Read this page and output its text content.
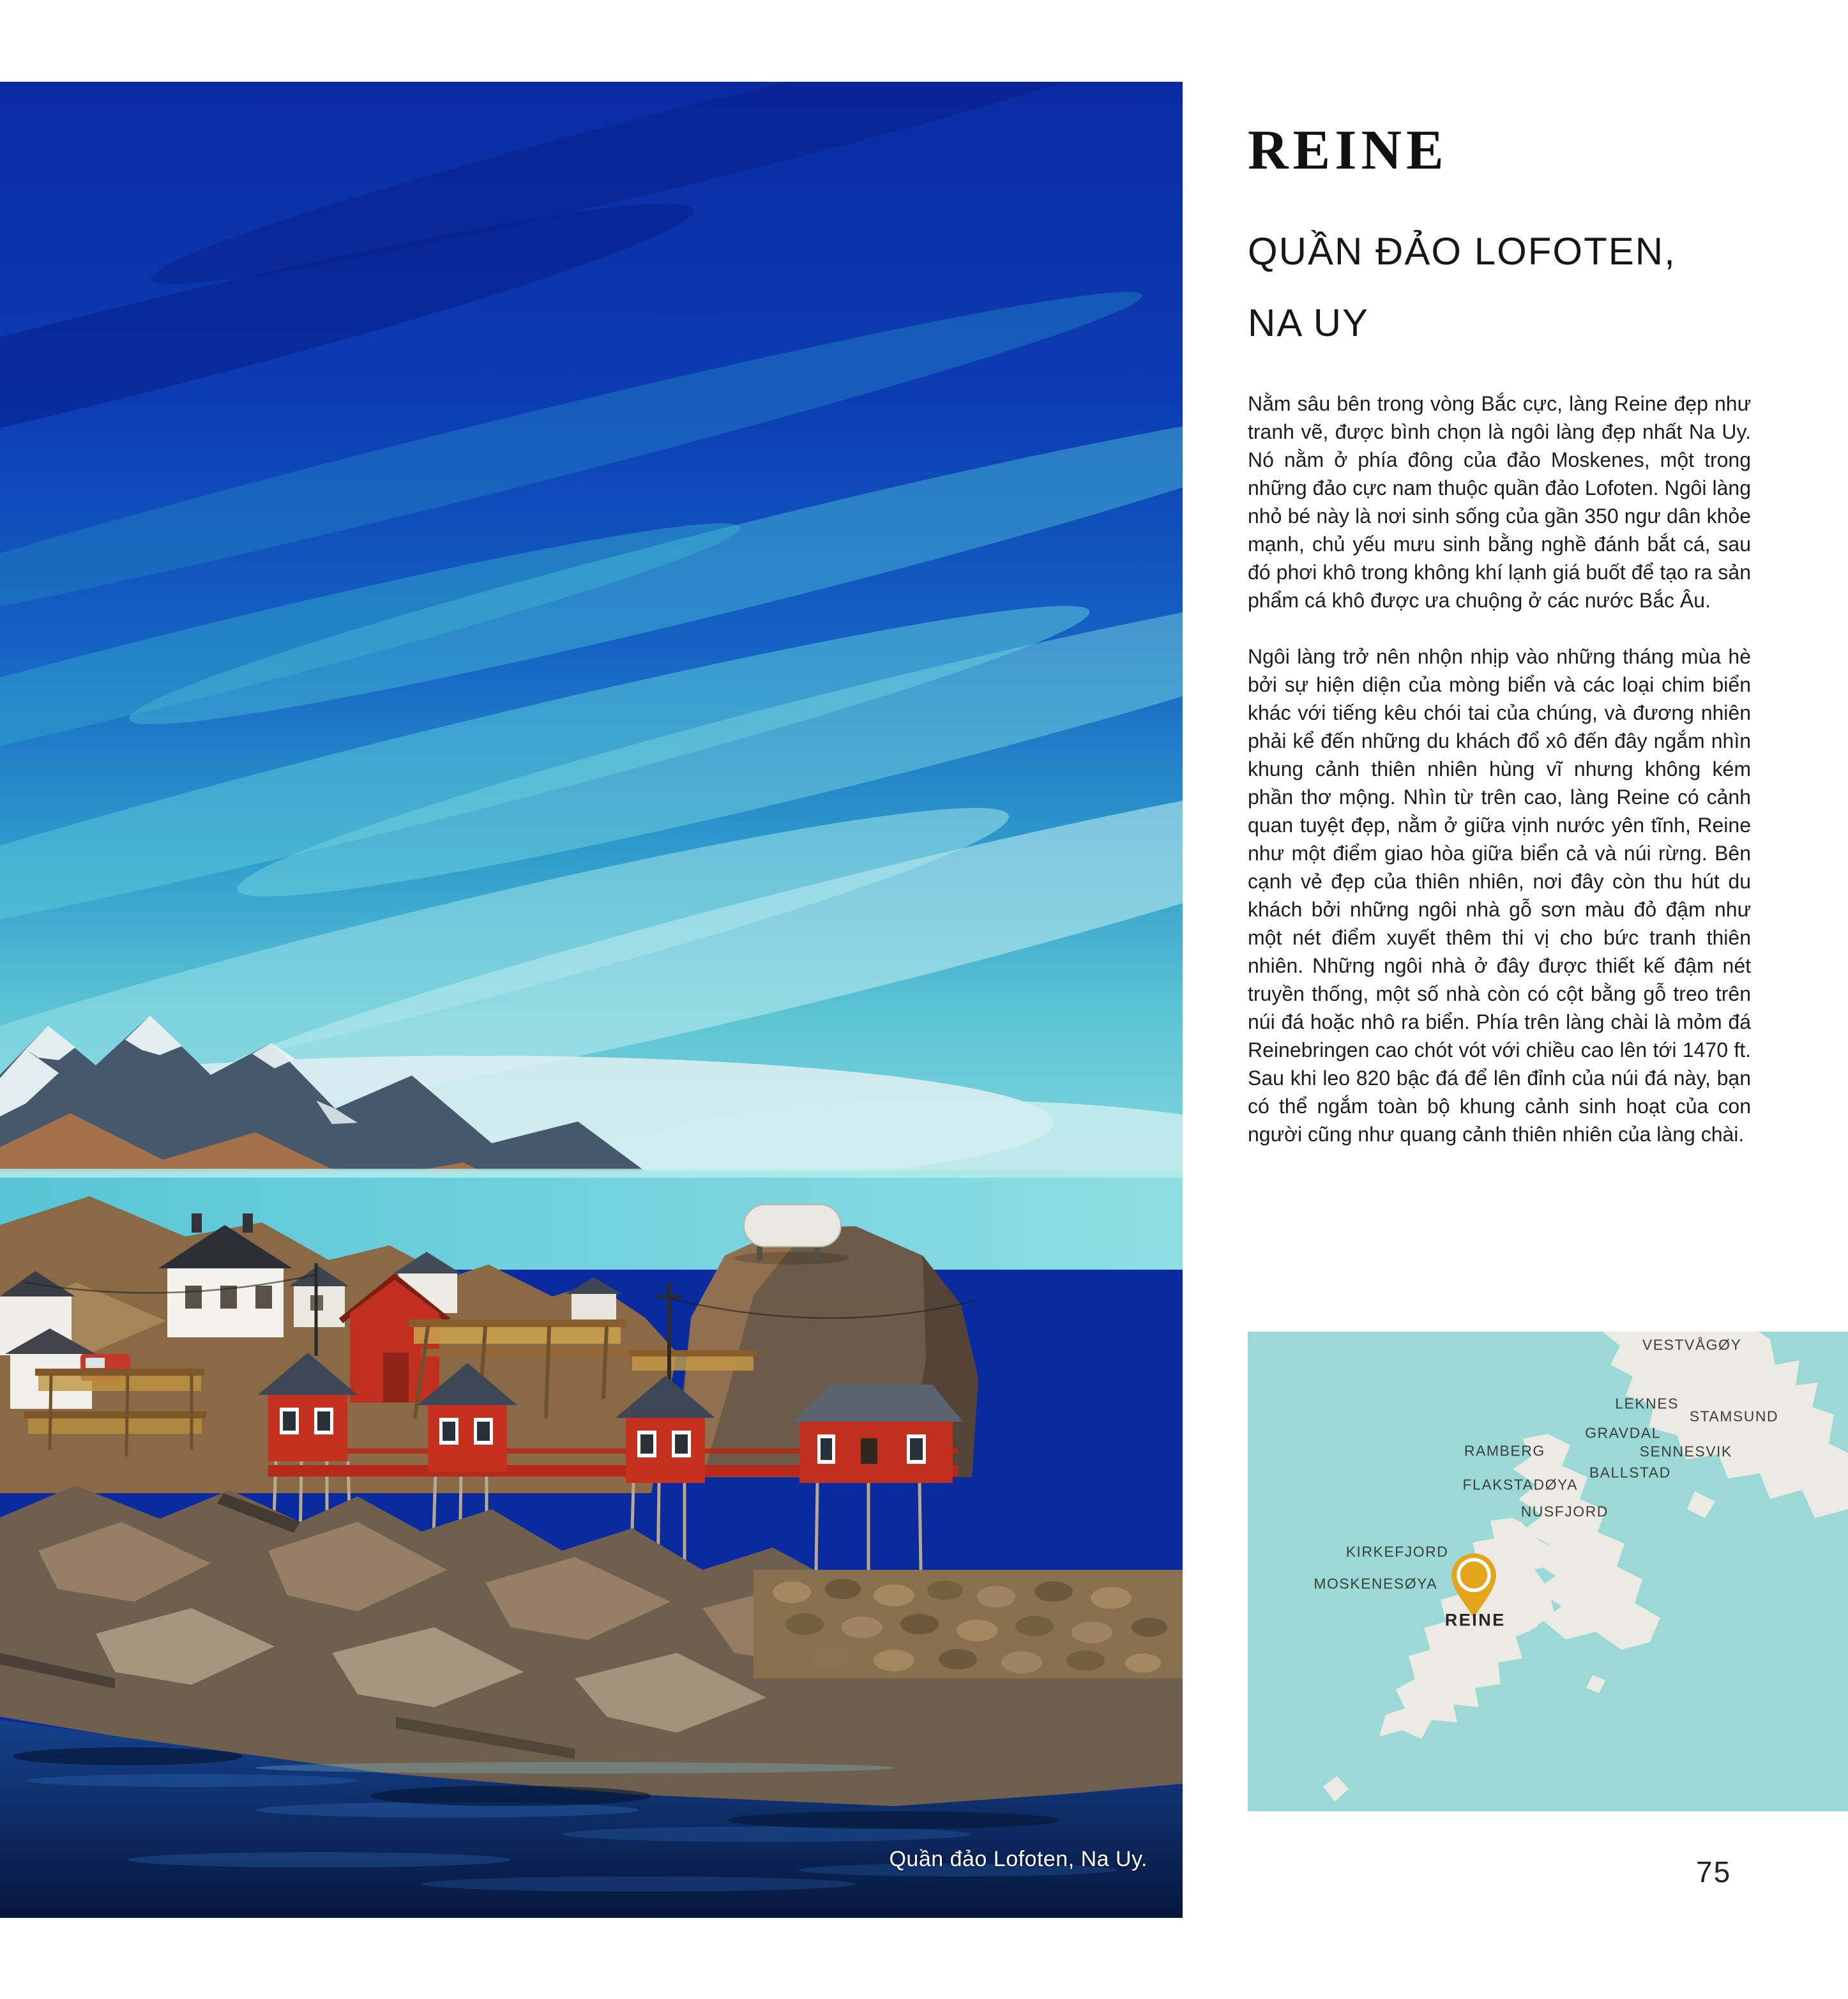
Quần đảo Lofoten, Na Uy.
REINE
QUẦN ĐẢO LOFOTEN,
NA UY

Nằm sâu bên trong vòng Bắc cực, làng Reine đẹp như tranh vẽ, được bình chọn là ngôi làng đẹp nhất Na Uy. Nó nằm ở phía đông của đảo Moskenes, một trong những đảo cực nam thuộc quần đảo Lofoten. Ngôi làng nhỏ bé này là nơi sinh sống của gần 350 ngư dân khỏe mạnh, chủ yếu mưu sinh bằng nghề đánh bắt cá, sau đó phơi khô trong không khí lạnh giá buốt để tạo ra sản phẩm cá khô được ưa chuộng ở các nước Bắc Âu.

Ngôi làng trở nên nhộn nhịp vào những tháng mùa hè bởi sự hiện diện của mòng biển và các loại chim biển khác với tiếng kêu chói tai của chúng, và đương nhiên phải kể đến những du khách đổ xô đến đây ngắm nhìn khung cảnh thiên nhiên hùng vĩ nhưng không kém phần thơ mộng. Nhìn từ trên cao, làng Reine có cảnh quan tuyệt đẹp, nằm ở giữa vịnh nước yên tĩnh, Reine như một điểm giao hòa giữa biển cả và núi rừng. Bên cạnh vẻ đẹp của thiên nhiên, nơi đây còn thu hút du khách bởi những ngôi nhà gỗ sơn màu đỏ đậm như một nét điểm xuyết thêm thi vị cho bức tranh thiên nhiên. Những ngôi nhà ở đây được thiết kế đậm nét truyền thống, một số nhà còn có cột bằng gỗ treo trên núi đá hoặc nhô ra biển. Phía trên làng chài là mỏm đá Reinebringen cao chót vót với chiều cao lên tới 1470 ft. Sau khi leo 820 bậc đá để lên đỉnh của núi đá này, bạn có thể ngắm toàn bộ khung cảnh sinh hoạt của con người cũng như quang cảnh thiên nhiên của làng chài.

VESTVÅGØY
LEKNES
STAMSUND
GRAVDAL
RAMBERG	SENNESVIK
BALLSTAD
FLAKSTADØYA
NUSFJORD
KIRKEFJORD
MOSKENESØYA
REINE
75
